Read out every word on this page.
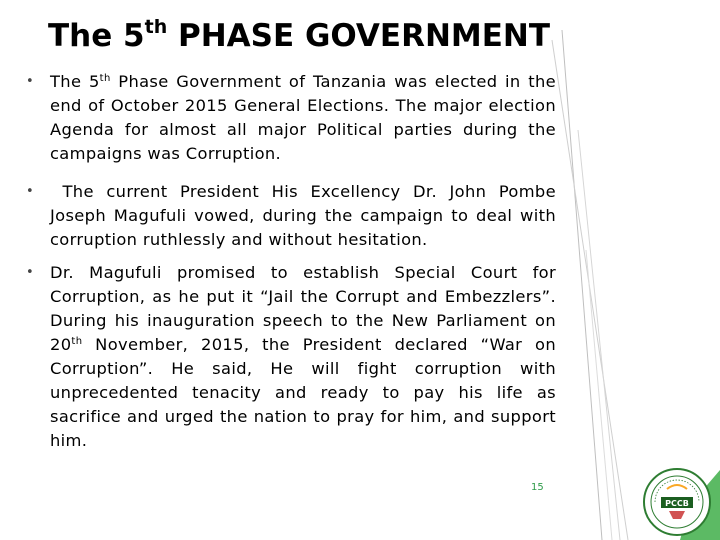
The 5th PHASE GOVERNMENT
• The 5th Phase Government of Tanzania was elected in the end of October 2015 General Elections. The major election Agenda for almost all major Political parties during the campaigns was Corruption.
• The current President His Excellency Dr. John Pombe Joseph Magufuli vowed, during the campaign to deal with corruption ruthlessly and without hesitation.
• Dr. Magufuli promised to establish Special Court for Corruption, as he put it “Jail the Corrupt and Embezzlers”. During his inauguration speech to the New Parliament on 20th November, 2015, the President declared “War on Corruption”. He said, He will fight corruption with unprecedented tenacity and ready to pay his life as sacrifice and urged the nation to pray for him, and support him.
15
PCCB
